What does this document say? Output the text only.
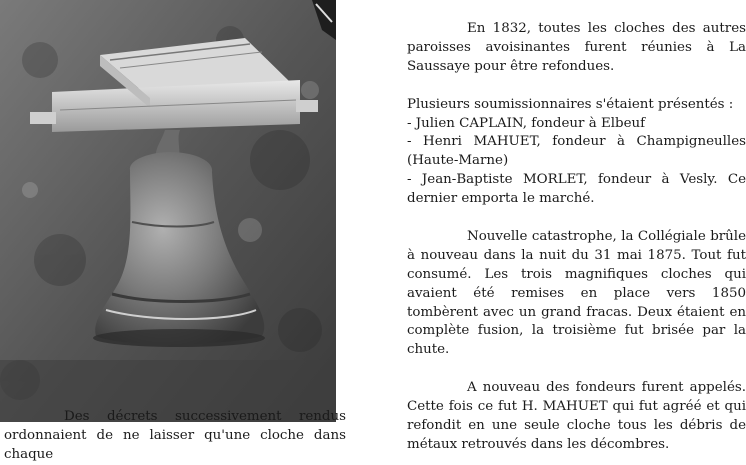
En 1832, toutes les cloches des autres paroisses avoisinantes furent réunies à La Saussaye pour être refondues.

Plusieurs soumissionnaires s'étaient présentés :
- Julien CAPLAIN, fondeur à Elbeuf
- Henri MAHUET, fondeur à Champigneulles (Haute-Marne)
- Jean-Baptiste MORLET, fondeur à Vesly. Ce dernier emporta le marché.

Nouvelle catastrophe, la Collégiale brûle à nouveau dans la nuit du 31 mai 1875. Tout fut consumé. Les trois magnifiques cloches qui avaient été remises en place vers 1850 tombèrent avec un grand fracas. Deux étaient en complète fusion, la troisième fut brisée par la chute.

A nouveau des fondeurs furent appelés. Cette fois ce fut H. MAHUET qui fut agréé et qui refondit en une seule cloche tous les débris de métaux retrouvés dans les décombres.

Des décrets successivement rendus ordonnaient de ne laisser qu'une cloche dans chaque
